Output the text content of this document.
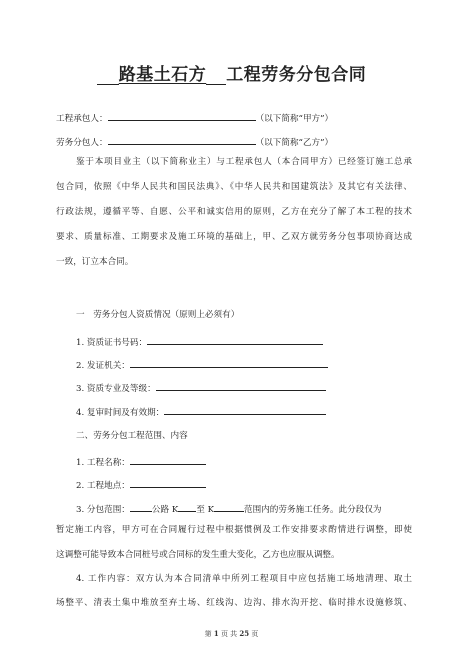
路基土石方 工程劳务分包合同
工程承包人：	（以下简称“甲方”）
劳务分包人：	（以下简称“乙方”）
鉴于本项目业主（以下简称业主）与工程承包人（本合同甲方）已经签订施工总承
包合同，依照《中华人民共和国民法典》、《中华人民共和国建筑法》及其它有关法律、
行政法规，遵循平等、自愿、公平和诚实信用的原则，乙方在充分了解了本工程的技术
要求、质量标准、工期要求及施工环境的基础上，甲、乙双方就劳务分包事项协商达成
一致，订立本合同。
一　劳务分包人资质情况（原则上必须有）
1. 资质证书号码：
2. 发证机关：
3. 资质专业及等级：
4. 复审时间及有效期：
二、劳务分包工程范围、内容
1. 工程名称：
2. 工程地点：
3. 分包范围：	公路 K 至 K	范围内的劳务施工任务。此分段仅为
暂定施工内容，甲方可在合同履行过程中根据惯例及工作安排要求酌情进行调整，即使
这调整可能导致本合同桩号或合同标的发生重大变化，乙方也应服从调整。
4. 工作内容：双方认为本合同清单中所列工程项目中应包括施工场地清理、取土
场整平、清表土集中堆放至弃土场、红线沟、边沟、排水沟开挖、临时排水设施修筑、
第 1 页 共 25 页
